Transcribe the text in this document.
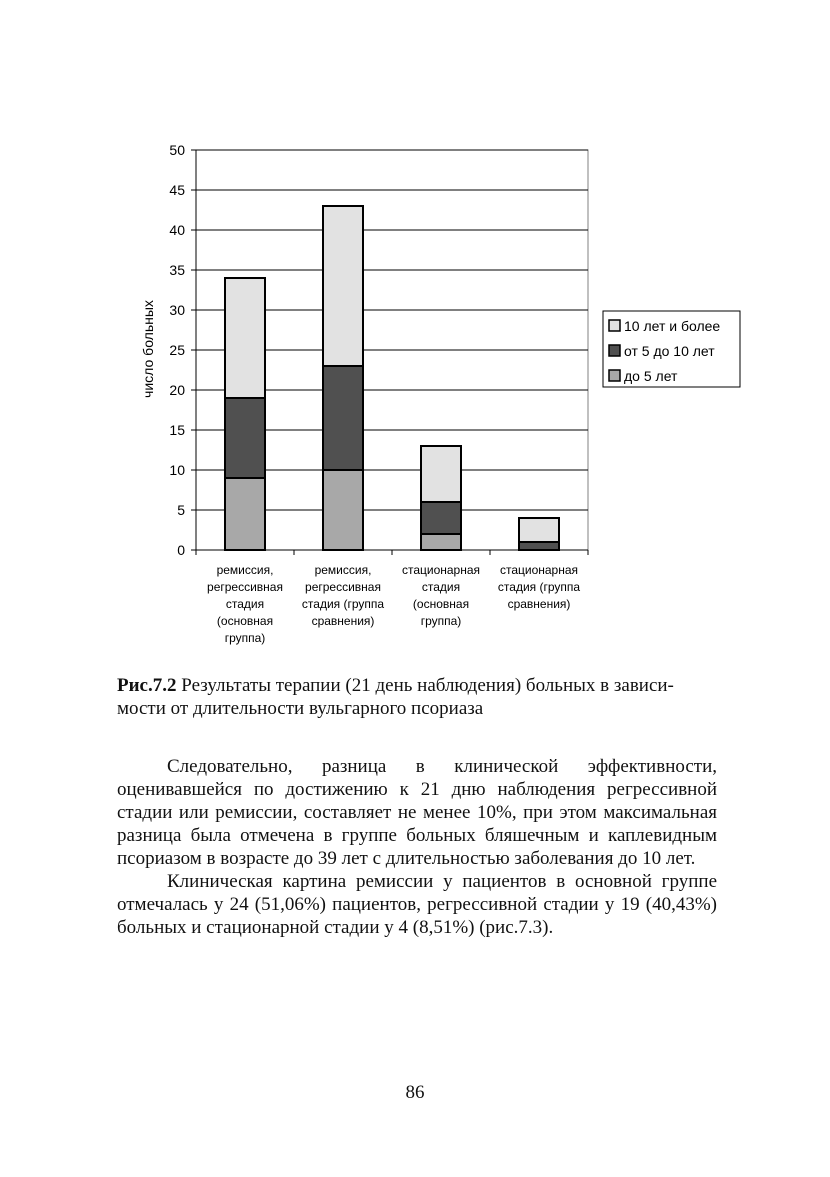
0
5
10
15
20
25
30
35
40
45
50
число больных
ремиссия,
регрессивная
стадия
(основная
группа)
ремиссия,
регрессивная
стадия (группа
сравнения)
стационарная
стадия
(основная
группа)
стационарная
стадия (группа
сравнения)
10 лет и более
от 5 до 10 лет
до 5 лет
Рис.7.2 Результаты терапии (21 день наблюдения) больных в зависи-
мости от длительности вульгарного псориаза

Следовательно, разница в клинической эффективности, оценивавшейся по достижению к 21 дню наблюдения регрессивной стадии или ремиссии, составляет не менее 10%, при этом максимальная разница была отмечена в группе больных бляшечным и каплевидным псориазом в возрасте до 39 лет с длительностью заболевания до 10 лет.

Клиническая картина ремиссии у пациентов в основной группе отмечалась у 24 (51,06%) пациентов, регрессивной стадии у 19 (40,43%) больных и стационарной стадии у 4 (8,51%) (рис.7.3).

86
